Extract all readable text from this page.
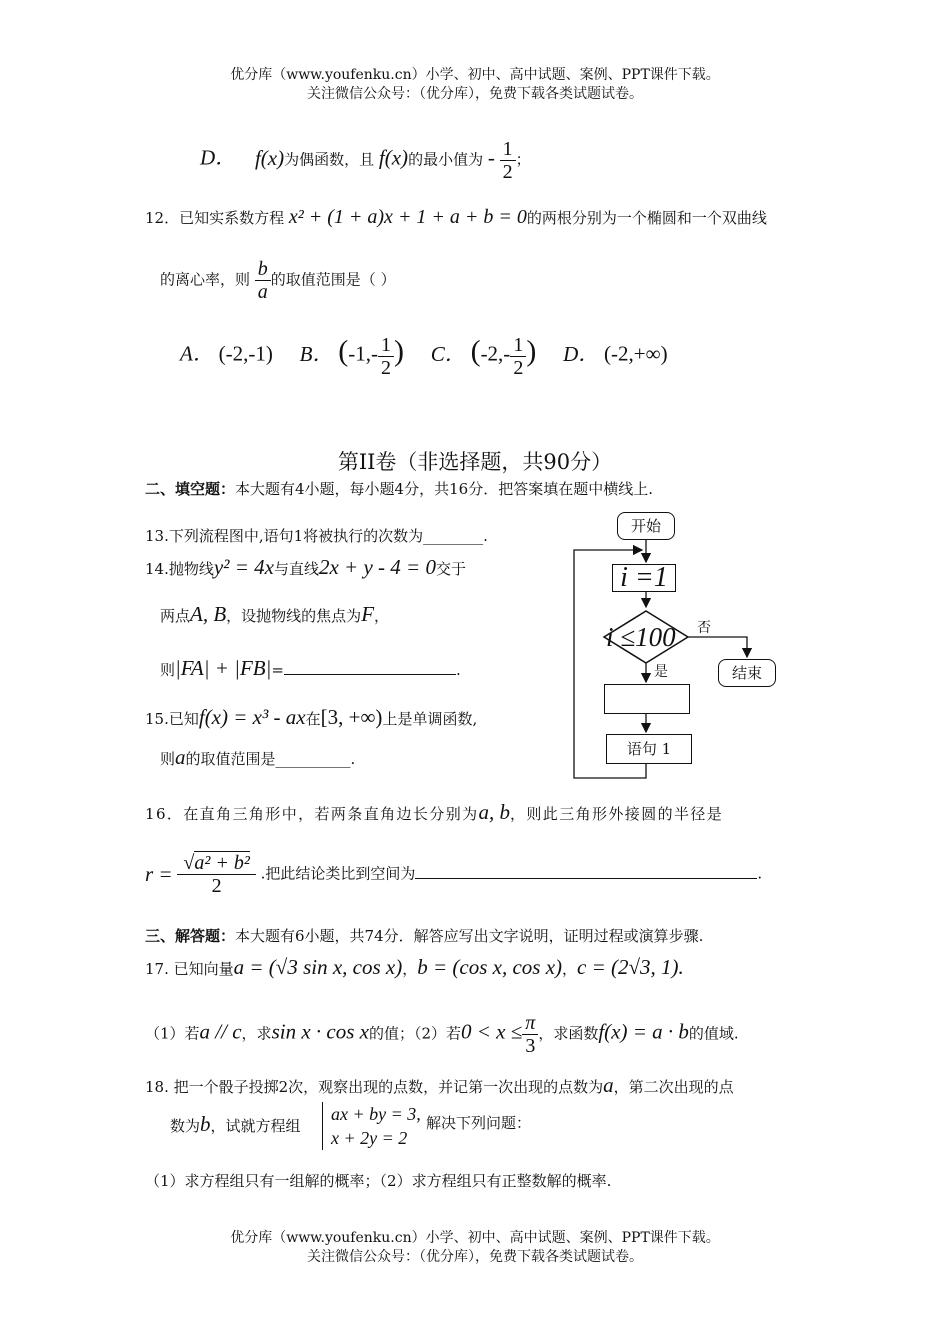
优分库（www.youfenku.cn）小学、初中、高中试题、案例、PPT课件下载。
关注微信公众号：（优分库），免费下载各类试题试卷。
D． f(x)为偶函数，且 f(x)的最小值为 - $\frac{1}{2}$ ；
12．已知实系数方程 x² + (1 + a)x + 1 + a + b = 0的两根分别为一个椭圆和一个双曲线
的离心率，则 $\frac{b}{a}$ 的取值范围是（ ）
A． (-2,-1) B． ($-1,- \frac{1}{2}$ ) C． ($-2,- \frac{1}{2}$ ) D． (-2,+∞)
第II卷（非选择题，共90分）
二、填空题：本大题有4小题，每小题4分，共16分．把答案填在题中横线上.
13.下列流程图中,语句1将被执行的次数为________.
14.抛物线y² = 4x与直线2x + y - 4 = 0交于
两点A, B，设抛物线的焦点为F，
则|FA| + |FB|=	.
15.已知f(x) = x³ - ax在[3, +∞)上是单调函数,
则a的取值范围是__________.
16．在直角三角形中，若两条直角边长分别为a, b，则此三角形外接圆的半径是
$r = \frac{\text{√a² + b²}}{2}$ .把此结论类比到空间为	.
三、解答题：本大题有6小题，共74分．解答应写出文字说明，证明过程或演算步骤.
17. 已知向量a = (√3 sin x, cos x)，b = (cos x, cos x)，c = (2√3, 1).
（1）若a // c，求sin x · cos x的值；（2）若$0 < x \le \frac{\pi}{3}$ ，求函数f(x) = a · b的值域.
18. 把一个骰子投掷2次，观察出现的点数，并记第一次出现的点数为a，第二次出现的点
数为b，试就方程组
ax + by = 3,
x + 2y = 2
解决下列问题：
（1）求方程组只有一组解的概率；（2）求方程组只有正整数解的概率.
优分库（www.youfenku.cn）小学、初中、高中试题、案例、PPT课件下载。
关注微信公众号：（优分库），免费下载各类试题试卷。
开始
i =1
i ≤100 否
是	结束
语句 1
